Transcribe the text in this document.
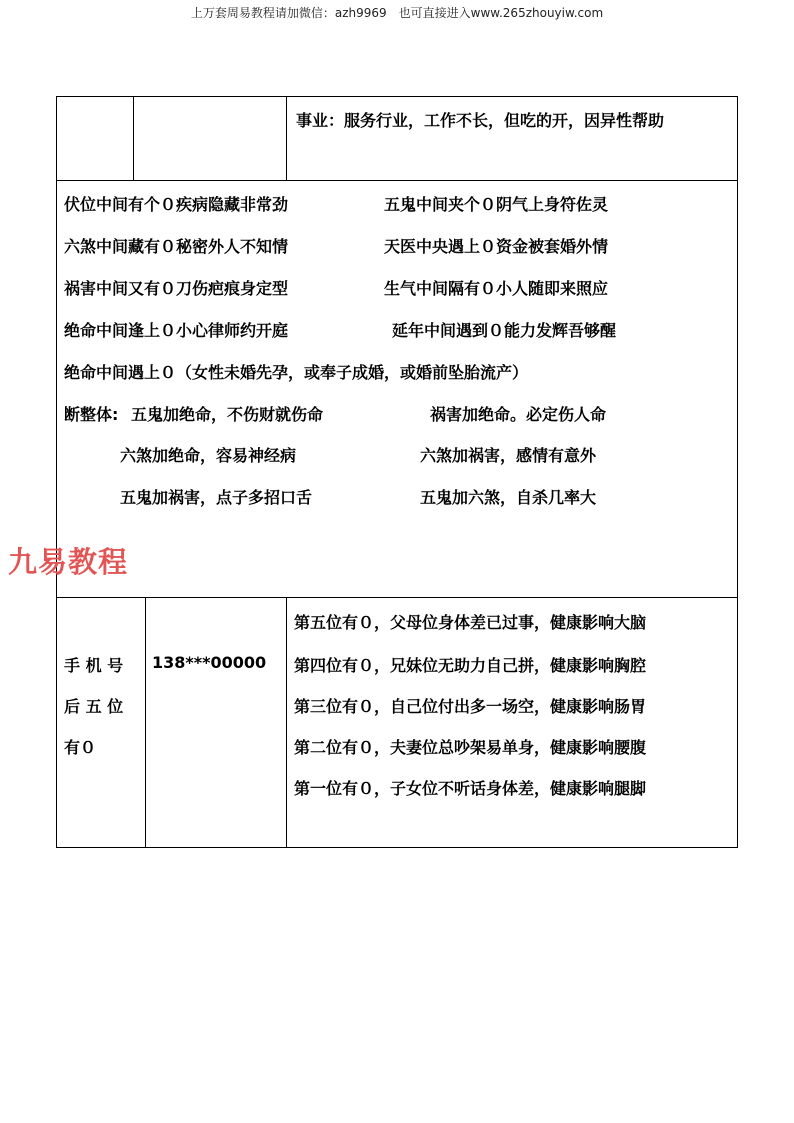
上万套周易教程请加微信：azh9969　也可直接进入www.265zhouyiw.com
事业：服务行业，工作不长，但吃的开，因异性帮助
伏位中间有个０疾病隐藏非常劲	五鬼中间夹个０阴气上身符佐灵
六煞中间藏有０秘密外人不知情	天医中央遇上０资金被套婚外情
祸害中间又有０刀伤疤痕身定型	生气中间隔有０小人随即来照应
绝命中间逢上０小心律师约开庭	延年中间遇到０能力发辉吾够醒
绝命中间遇上０（女性未婚先孕，或奉子成婚，或婚前坠胎流产）
断整体: 五鬼加绝命，不伤财就伤命	祸害加绝命。必定伤人命
六煞加绝命，容易神经病	六煞加祸害，感情有意外
五鬼加祸害，点子多招口舌	五鬼加六煞，自杀几率大
九易教程
手 机 号
后 五 位
有０
138***00000
第五位有０，父母位身体差已过事，健康影响大脑
第四位有０，兄妹位无助力自己拼，健康影响胸腔
第三位有０，自己位付出多一场空，健康影响肠胃
第二位有０，夫妻位总吵架易单身，健康影响腰腹
第一位有０，子女位不听话身体差，健康影响腿脚
